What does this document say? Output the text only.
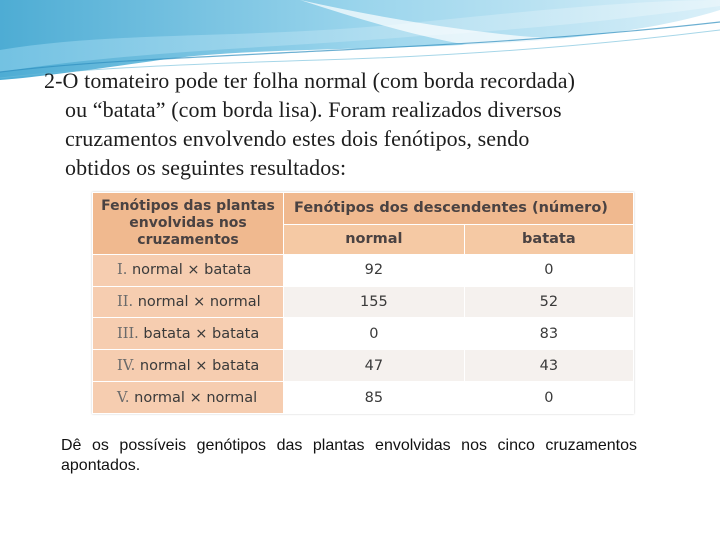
2-O tomateiro pode ter folha normal (com borda recordada)
ou “batata” (com borda lisa). Foram realizados diversos
cruzamentos envolvendo estes dois fenótipos, sendo
obtidos os seguintes resultados:
Fenótipos das plantas envolvidas nos cruzamentos	Fenótipos dos descendentes (número)	
	normal	batata
I. normal × batata	92	0
II. normal × normal	155	52
III. batata × batata	0	83
IV. normal × batata	47	43
V. normal × normal	85	0
Dê os possíveis genótipos das plantas envolvidas nos cinco cruzamentos apontados.
